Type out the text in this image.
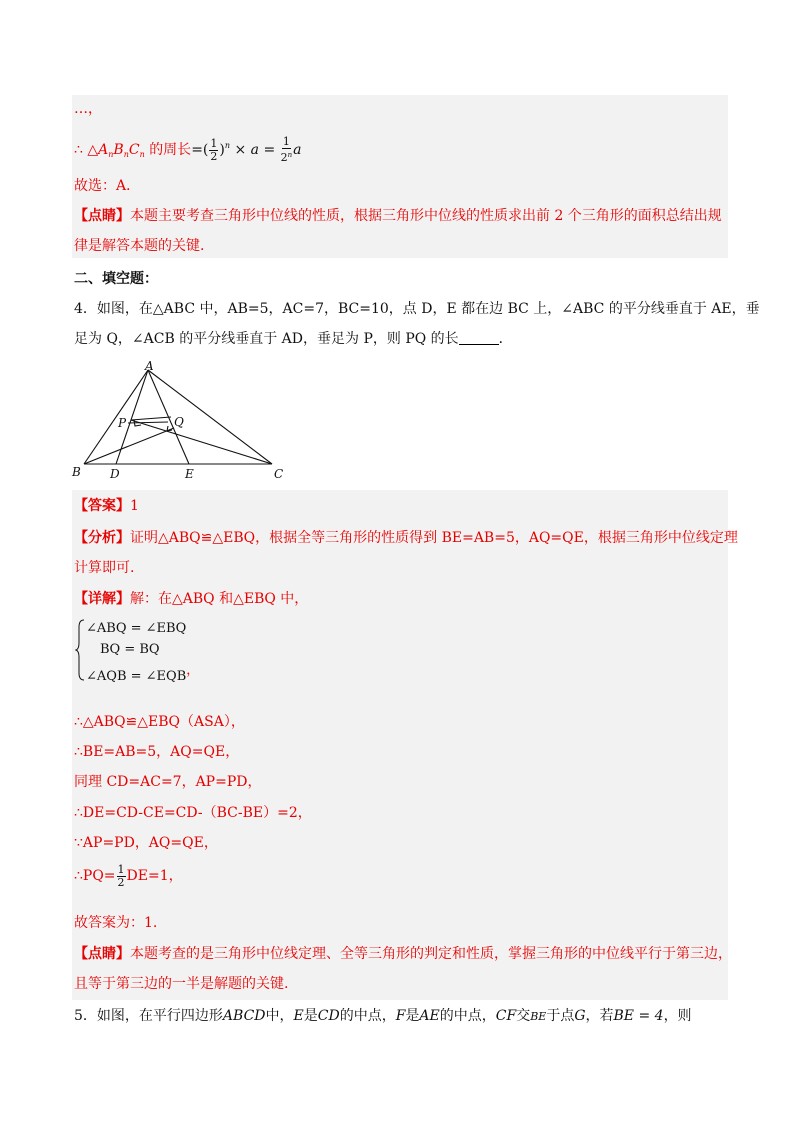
…，
∴ $\triangle A_nB_nC_n$ 的周长=( $\frac{1}{2} )^n \times a = \frac{1}{2^n}$ a
故选：A．
【点睛】本题主要考查三角形中位线的性质，根据三角形中位线的性质求出前 2 个三角形的面积总结出规
律是解答本题的关键.
二、填空题：
4．如图，在△ABC 中，AB=5，AC=7，BC=10，点 D，E 都在边 BC 上，∠ABC 的平分线垂直于 AE，垂
足为 Q，∠ACB 的平分线垂直于 AD，垂足为 P，则 PQ 的长	．
A
B	C
D	E
P	Q
【答案】1
【分析】证明△ABQ≌△EBQ，根据全等三角形的性质得到 BE=AB=5，AQ=QE，根据三角形中位线定理
计算即可.
【详解】解：在△ABQ 和△EBQ 中，
∠ABQ = ∠EBQ
BQ = BQ
∠AQB = ∠EQB，
∴△ABQ≌△EBQ（ASA），
∴BE=AB=5，AQ=QE，
同理 CD=AC=7，AP=PD，
∴DE=CD-CE=CD-（BC-BE）=2，
∵AP=PD，AQ=QE，
∴PQ= $\frac{1}{2} DE=1$，
故答案为：1.
【点睛】本题考查的是三角形中位线定理、全等三角形的判定和性质，掌握三角形的中位线平行于第三边，
且等于第三边的一半是解题的关键.
5．如图，在平行四边形ABCD中，E是CD的中点，F是AE的中点，CF交BE于点G，若BE = 4，则
